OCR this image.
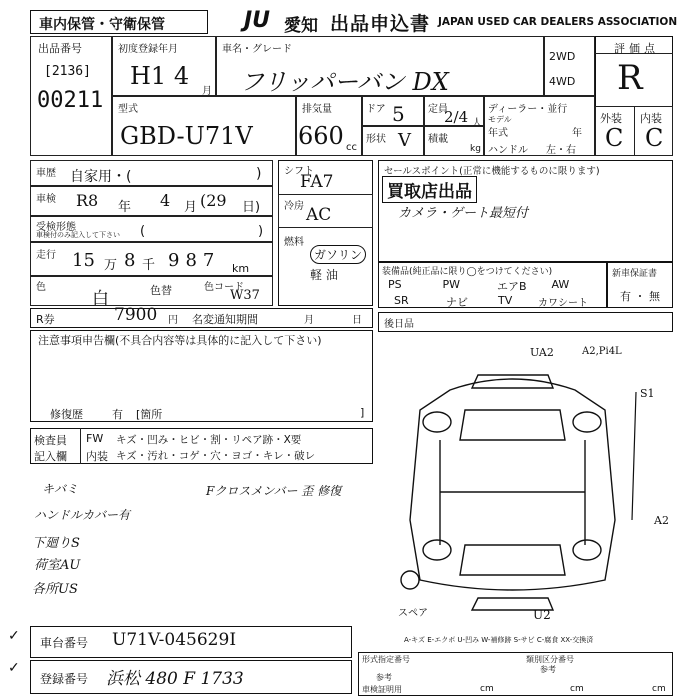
車内保管・守衛保管	JU 愛知 出品申込書 JAPAN USED CAR DEALERS ASSOCIATION
出品番号
[2136]
00211
初度登録年月
H1 4
月
車名・グレード
フリッパーバン DX
2WD
4WD
評価点
R
型式
GBD-U71V
排気量
660 cc
ドア 5
形状 V
定員
2/4 人
積載
kg
ディーラー・並行
モデル
年式	年
ハンドル 左・右
外装 内装
C C
車歴 自家用・(	)
車検 R8 年 4 月 (29 日)
受検形態
車検付のみ記入して下さい (	)
走行 15 万 8 千 987 km
色
白	色替	色コード
W37
R券	7900 円 名変通知期間	月	日
シフト
FA7
冷房 AC
燃料
ガソリン
軽 油
セールスポイント(正常に機能するものに限ります)
買取店出品
カメラ・ゲート最短付
装備品(純正品に限り◯をつけてください)
PS	PW	エアB	AW
SR	ナビ	TV	カワシート
新車保証書
有 ・ 無
後日品
注意事項申告欄(不具合内容等は具体的に記入して下さい)
修復歴	有 [箇所	]
検査員
記入欄
FW キズ・凹み・ヒビ・割・リペア跡・X要
内装 キズ・汚れ・コゲ・穴・ヨゴ・キレ・破レ
キバミ	Fクロスメンバー 歪 修復
ハンドルカバー有
下廻りS
荷室AU
各所US
UA2	A2,Pi4L
S1
A2
U2
スペア
A-キズ E-エクボ U-凹み W-補修跡 S-サビ C-腐食 XX-交換済
✓
✓
車台番号 U71V-045629I
登録番号 浜松 480 F 1733
形式指定番号	類別区分番号
参考
参考
車検証明用	cm	cm	cm
